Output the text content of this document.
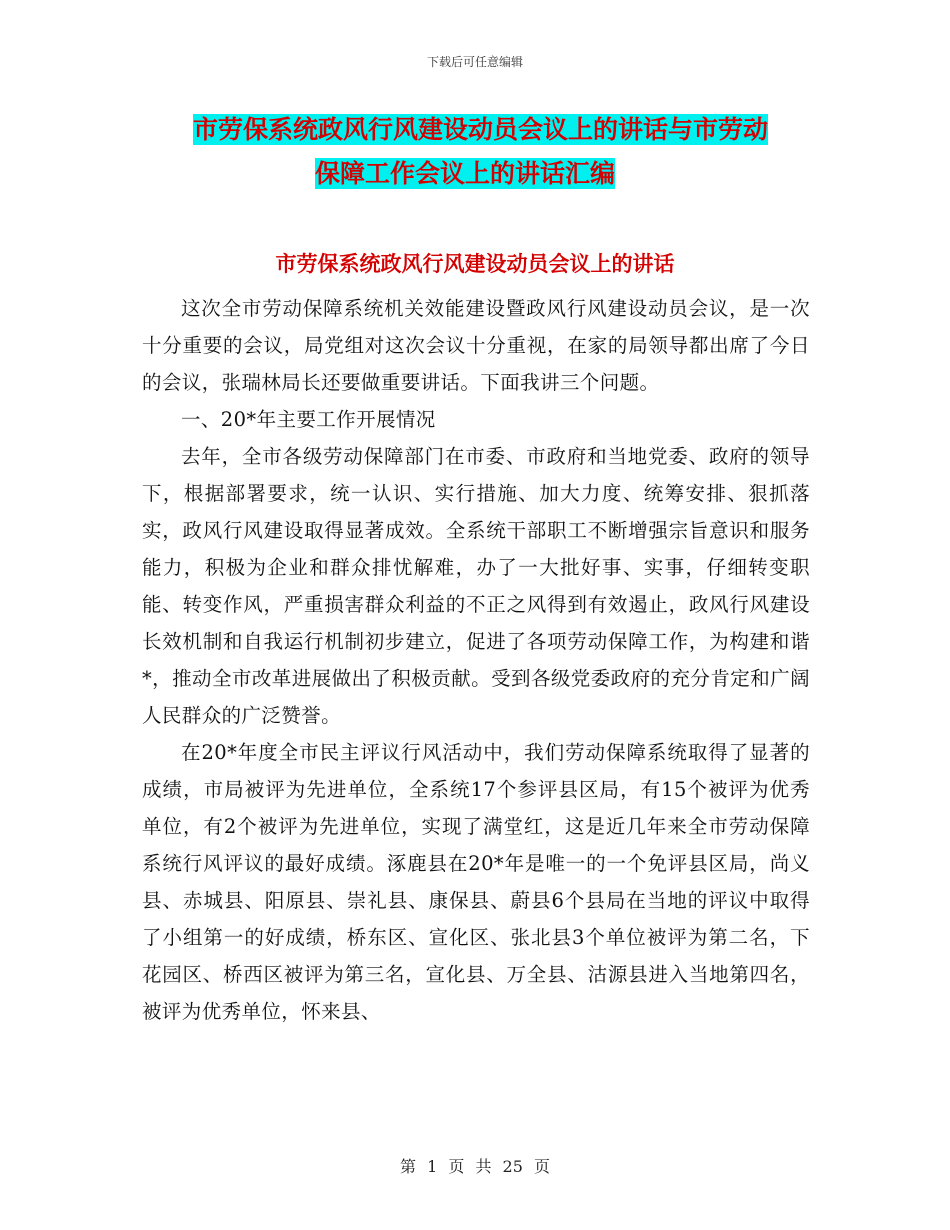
下载后可任意编辑
市劳保系统政风行风建设动员会议上的讲话与市劳动
保障工作会议上的讲话汇编
市劳保系统政风行风建设动员会议上的讲话

这次全市劳动保障系统机关效能建设暨政风行风建设动员会议，是一次十分重要的会议，局党组对这次会议十分重视，在家的局领导都出席了今日的会议，张瑞林局长还要做重要讲话。下面我讲三个问题。

一、20*年主要工作开展情况

去年，全市各级劳动保障部门在市委、市政府和当地党委、政府的领导下，根据部署要求，统一认识、实行措施、加大力度、统筹安排、狠抓落实，政风行风建设取得显著成效。全系统干部职工不断增强宗旨意识和服务能力，积极为企业和群众排忧解难，办了一大批好事、实事，仔细转变职能、转变作风，严重损害群众利益的不正之风得到有效遏止，政风行风建设长效机制和自我运行机制初步建立，促进了各项劳动保障工作，为构建和谐*，推动全市改革进展做出了积极贡献。受到各级党委政府的充分肯定和广阔人民群众的广泛赞誉。

在20*年度全市民主评议行风活动中，我们劳动保障系统取得了显著的成绩，市局被评为先进单位，全系统17个参评县区局，有15个被评为优秀单位，有2个被评为先进单位，实现了满堂红，这是近几年来全市劳动保障系统行风评议的最好成绩。涿鹿县在20*年是唯一的一个免评县区局，尚义县、赤城县、阳原县、崇礼县、康保县、蔚县6个县局在当地的评议中取得了小组第一的好成绩，桥东区、宣化区、张北县3个单位被评为第二名，下花园区、桥西区被评为第三名，宣化县、万全县、沽源县进入当地第四名，被评为优秀单位，怀来县、

第 1 页 共 25 页
